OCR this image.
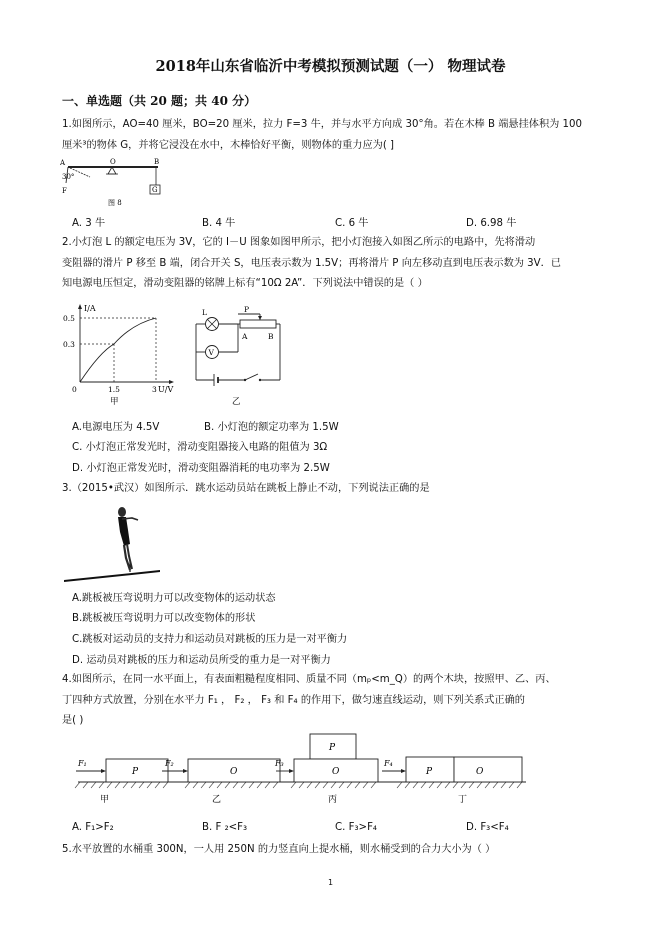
2018年山东省临沂中考模拟预测试题（一） 物理试卷
一、单选题（共 20 题；共 40 分）
1.如图所示，AO=40 厘米，BO=20 厘米，拉力 F=3 牛，并与水平方向成 30°角。若在木棒 B 端悬挂体积为 100
厘米³的物体 G，并将它浸没在水中，木棒恰好平衡，则物体的重力应为( ]
A	O	B
30°
F	G
图 8
A. 3 牛	B. 4 牛	C. 6 牛	D. 6.98 牛
2.小灯泡 L 的额定电压为 3V，它的 I－U 图象如图甲所示，把小灯泡接入如图乙所示的电路中，先将滑动
变阻器的滑片 P 移至 B 端，闭合开关 S，电压表示数为 1.5V；再将滑片 P 向左移动直到电压表示数为 3V．已
知电源电压恒定，滑动变阻器的铭牌上标有“10Ω 2A”．下列说法中错误的是（ ）
I/A
0.5
0.3
0	1.5	3 U/V
甲
L
V
P
A	B
乙
A.电源电压为 4.5V	B. 小灯泡的额定功率为 1.5W
C. 小灯泡正常发光时，滑动变阻器接入电路的阻值为 3Ω
D. 小灯泡正常发光时，滑动变阻器消耗的电功率为 2.5W
3.（2015•武汉）如图所示．跳水运动员站在跳板上静止不动，下列说法正确的是
A.跳板被压弯说明力可以改变物体的运动状态
B.跳板被压弯说明力可以改变物体的形状
C.跳板对运动员的支持力和运动员对跳板的压力是一对平衡力
D. 运动员对跳板的压力和运动员所受的重力是一对平衡力
4.如图所示，在同一水平面上，有表面粗糙程度相同、质量不同（mₚ<m_Q）的两个木块，按照甲、乙、丙、
丁四种方式放置，分别在水平力 F₁ ， F₂ ， F₃ 和 F₄ 的作用下，做匀速直线运动，则下列关系式正确的
是( )
F₁
P
甲
F₂
O
乙
F₃
P
O
丙
F₄
P	O
丁
A. F₁>F₂	B. F ₂<F₃	C. F₃>F₄	D. F₃<F₄
5.水平放置的水桶重 300N，一人用 250N 的力竖直向上提水桶，则水桶受到的合力大小为（ ）
1
